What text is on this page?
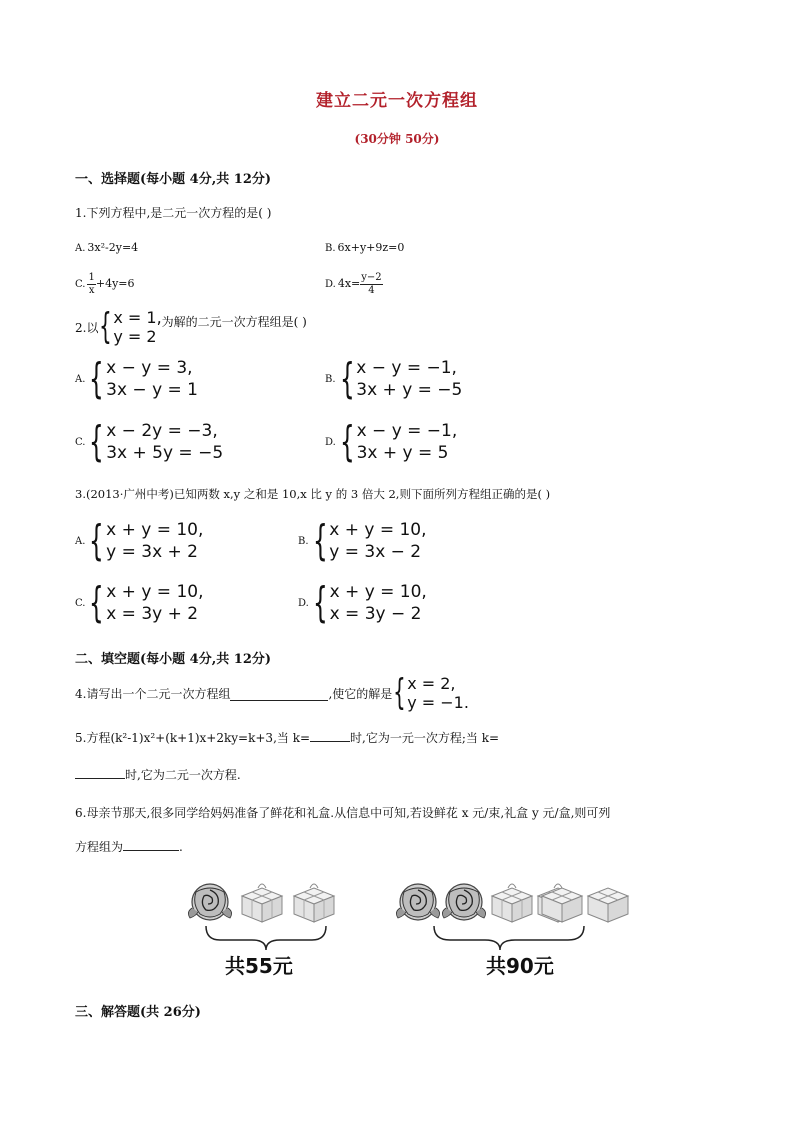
建立二元一次方程组
(30分钟 50分)
一、选择题(每小题 4分,共 12分)
1.下列方程中,是二元一次方程的是( )
A. 3x²-2y=4	B. 6x+y+9z=0
C. $\frac{1}{x} +4y=6$	D. $4x= \frac{y-2}{4}$
2.以 { x = 1,
y = 2
为解的二元一次方程组是( )
A. { x − y = 3,
3x − y = 1
B. { x − y = −1,
3x + y = −5
C. { x − 2y = −3,
3x + 5y = −5
D. { x − y = −1,
3x + y = 5
3.(2013·广州中考)已知两数 x,y 之和是 10,x 比 y 的 3 倍大 2,则下面所列方程组正确的是( )
A. { x + y = 10,
y = 3x + 2
B. { x + y = 10,
y = 3x − 2
C. { x + y = 10,
x = 3y + 2
D. { x + y = 10,
x = 3y − 2
二、填空题(每小题 4分,共 12分)
4.请写出一个二元一次方程组	,使它的解是 { x = 2,
y = −1.
5.方程(k²-1)x²+(k+1)x+2ky=k+3,当 k=	时,它为一元一次方程;当 k=
时,它为二元一次方程.
6.母亲节那天,很多同学给妈妈准备了鲜花和礼盒.从信息中可知,若设鲜花 x 元/束,礼盒 y 元/盒,则可列
方程组为	.
共55元	共90元
三、解答题(共 26分)
